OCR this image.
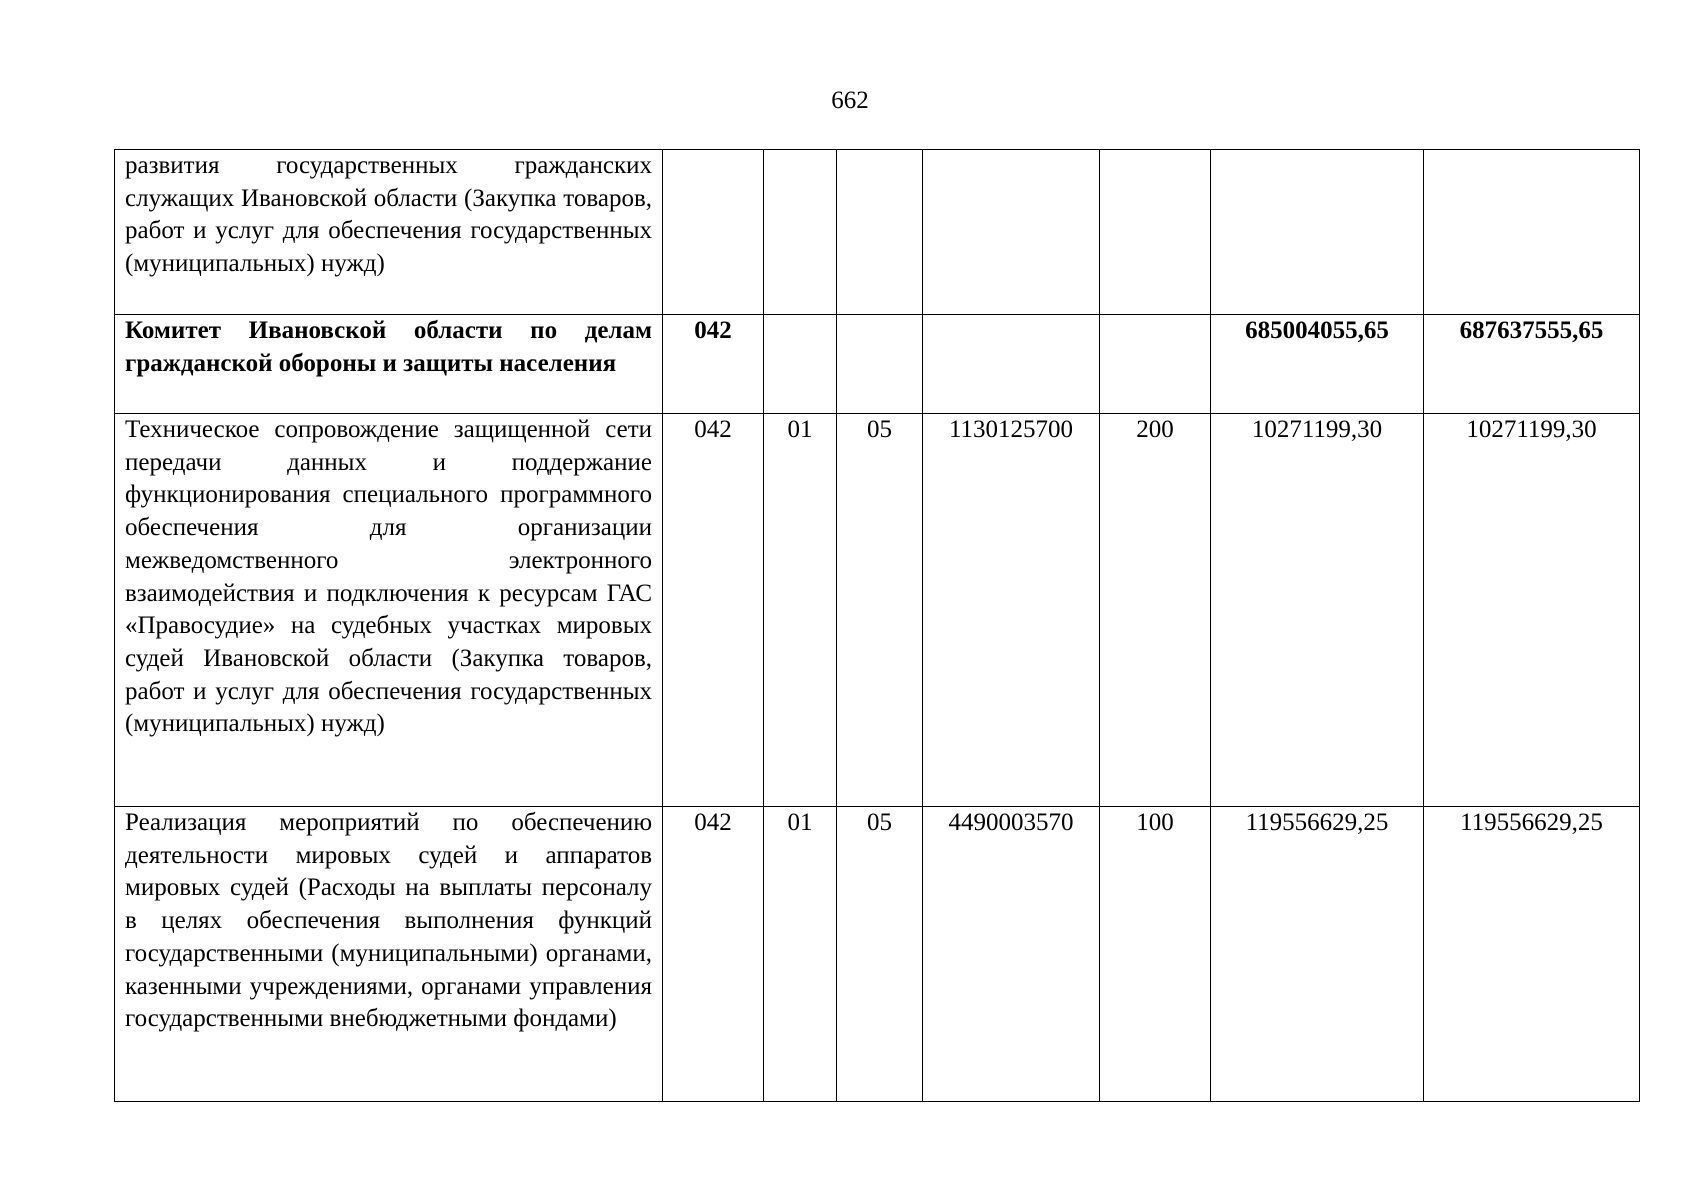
662
развития государственных гражданских служащих Ивановской области (Закупка товаров, работ и услуг для обеспечения государственных (муниципальных) нужд)							
Комитет Ивановской области по делам гражданской обороны и защиты населения	042					685004055,65	687637555,65
Техническое сопровождение защищенной сети передачи данных и поддержание функционирования специального программного обеспечения для организации межведомственного электронного взаимодействия и подключения к ресурсам ГАС «Правосудие» на судебных участках мировых судей Ивановской области (Закупка товаров, работ и услуг для обеспечения государственных (муниципальных) нужд)	042	01	05	1130125700	200	10271199,30	10271199,30
Реализация мероприятий по обеспечению деятельности мировых судей и аппаратов мировых судей (Расходы на выплаты персоналу в целях обеспечения выполнения функций государственными (муниципальными) органами, казенными учреждениями, органами управления государственными внебюджетными фондами)	042	01	05	4490003570	100	119556629,25	119556629,25
